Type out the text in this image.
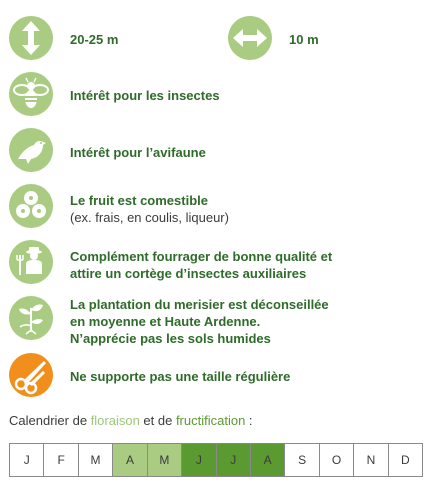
20-25 m	10 m
Intérêt pour les insectes
Intérêt pour l’avifaune
Le fruit est comestible
(ex. frais, en coulis, liqueur)
Complément fourrager de bonne qualité et
attire un cortège d’insectes auxiliaires
La plantation du merisier est déconseillée
en moyenne et Haute Ardenne.
N’apprécie pas les sols humides
Ne supporte pas une taille régulière
Calendrier de floraison et de fructification :
J	F	M	A	M	J	J	A	S	O	N	D
